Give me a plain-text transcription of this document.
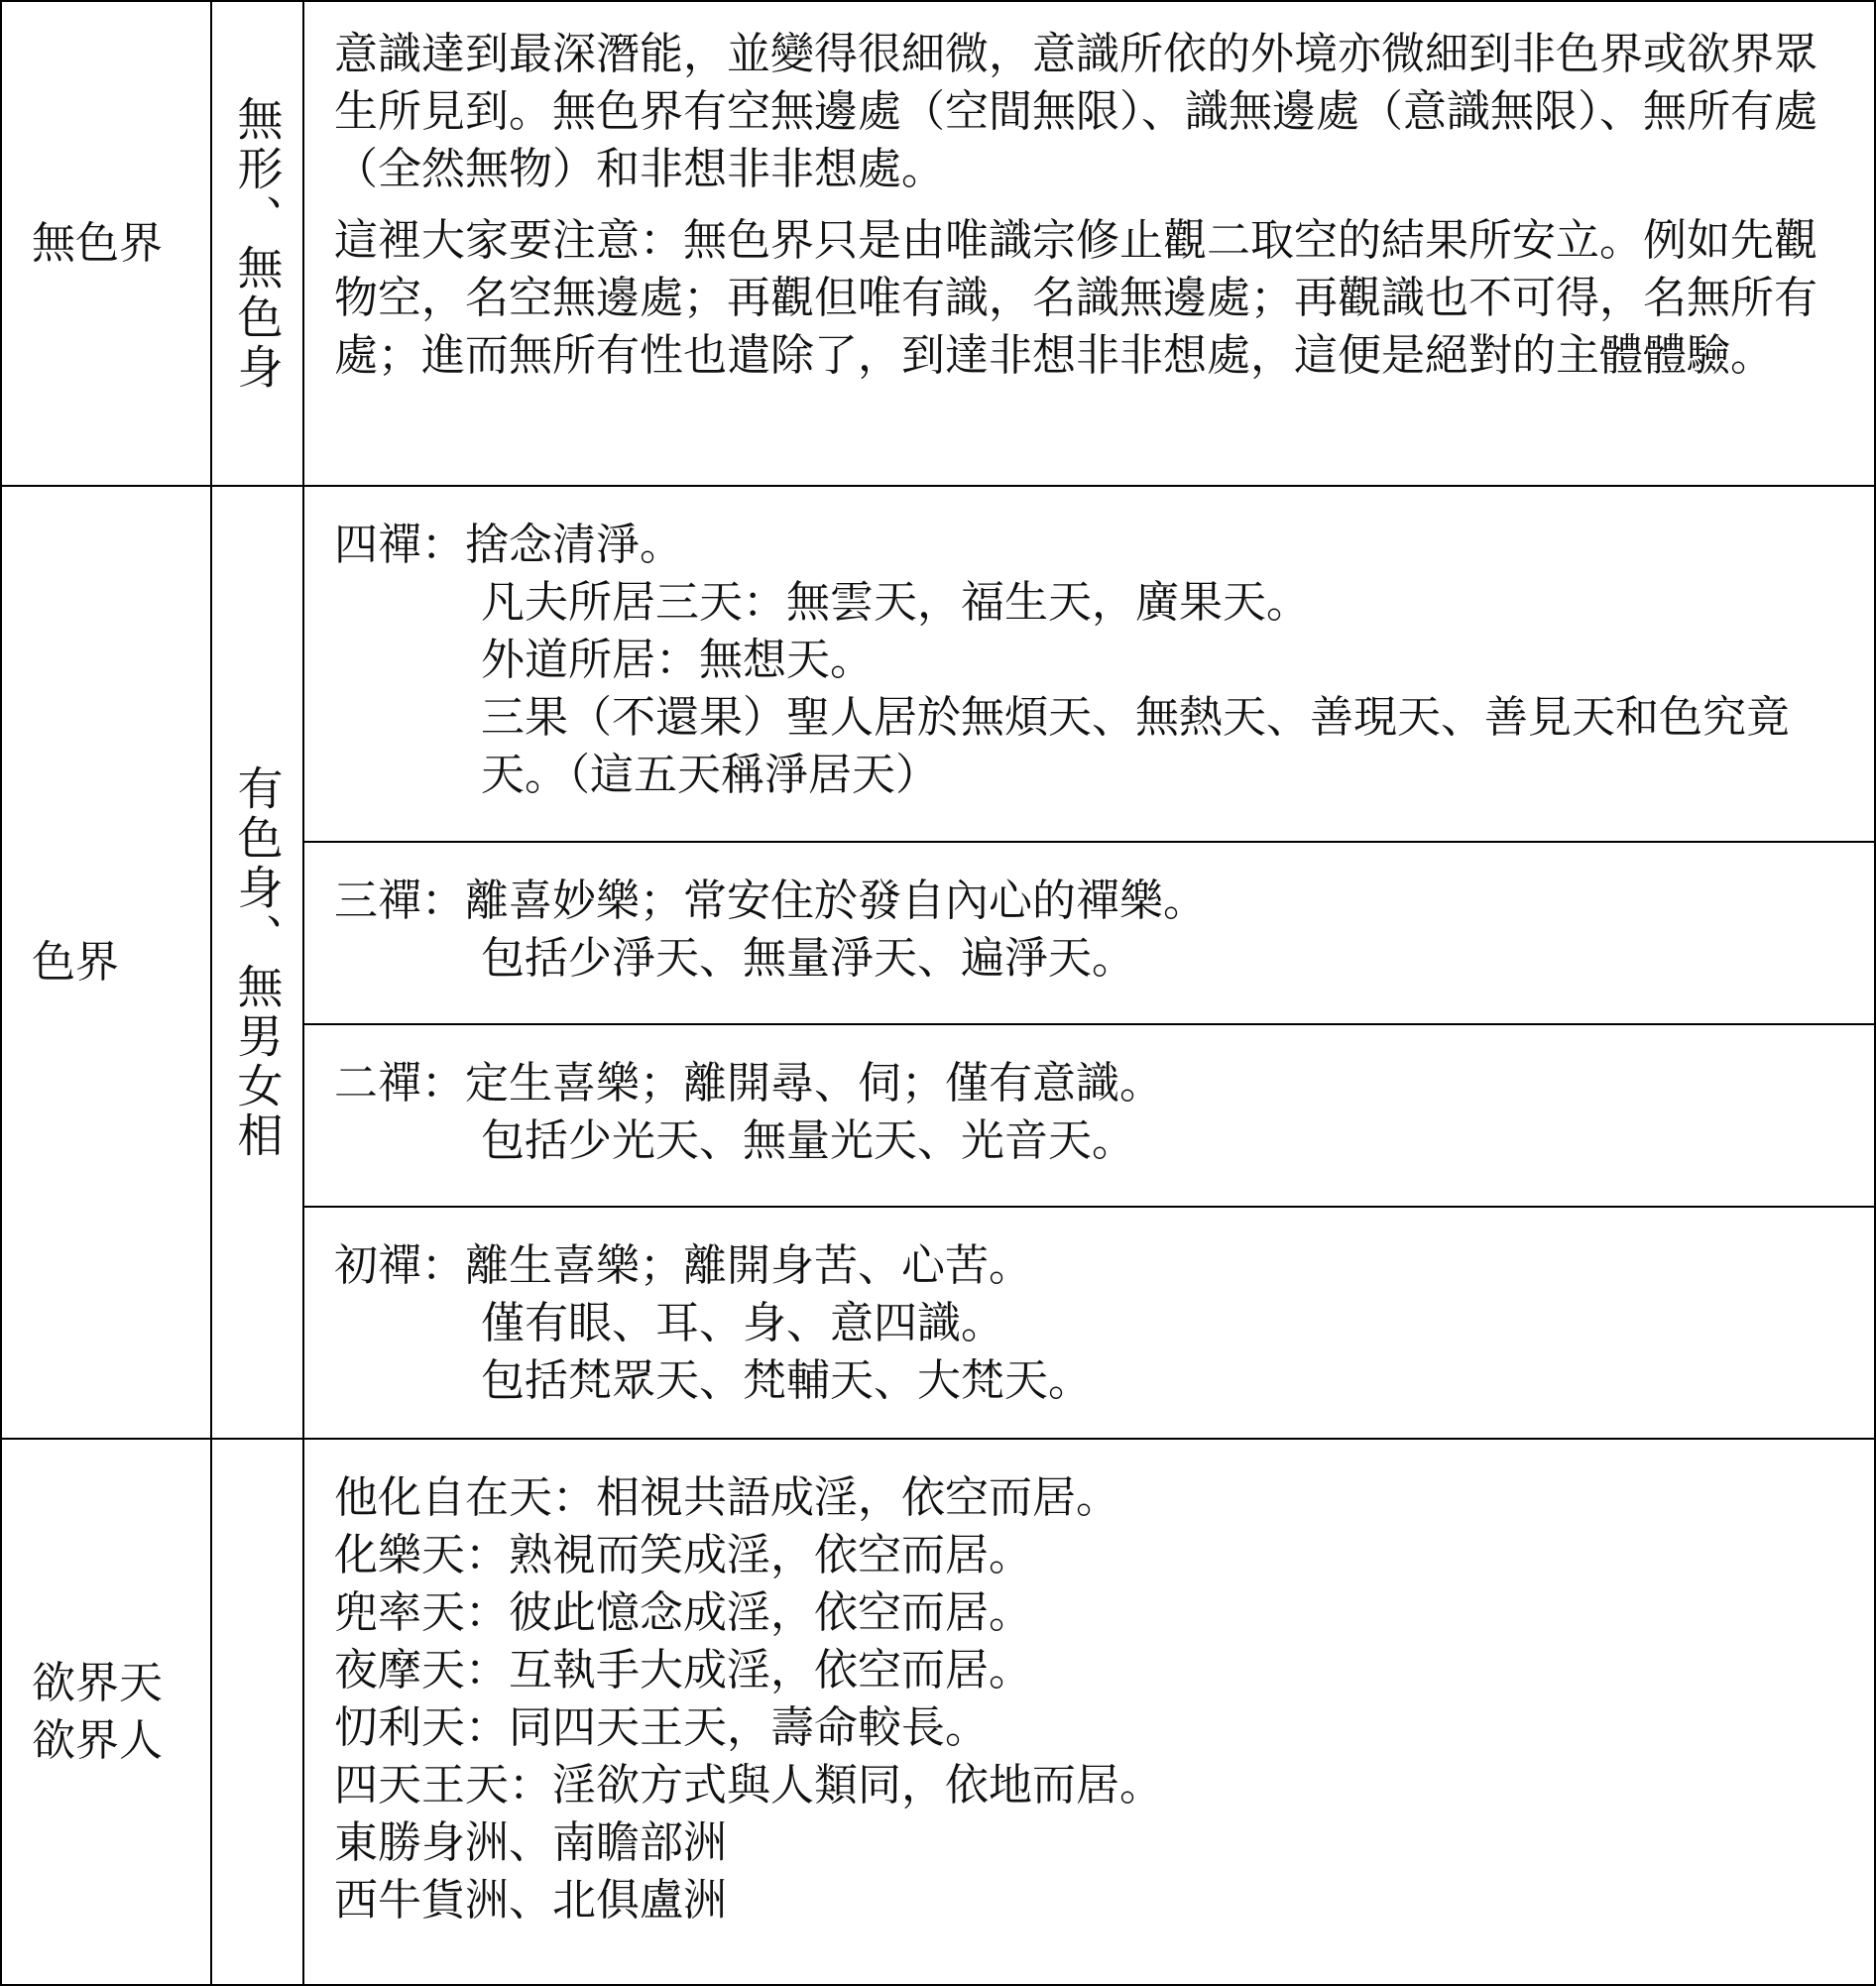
無色界 無形、無色身

意識達到最深潛能，並變得很細微，意識所依的外境亦微細到非色界或欲界眾生所見到。無色界有空無邊處（空間無限）、識無邊處（意識無限）、無所有處（全然無物）和非想非非想處。

這裡大家要注意：無色界只是由唯識宗修止觀二取空的結果所安立。例如先觀物空，名空無邊處；再觀但唯有識，名識無邊處；再觀識也不可得，名無所有處；進而無所有性也遣除了，到達非想非非想處，這便是絕對的主體體驗。

色界 有色身、無男女相

四禪：捨念清淨。

凡夫所居三天：無雲天，福生天，廣果天。

外道所居：無想天。

三果（不還果）聖人居於無煩天、無熱天、善現天、善見天和色究竟天。（這五天稱淨居天）

三禪：離喜妙樂；常安住於發自內心的禪樂。

包括少淨天、無量淨天、遍淨天。

二禪：定生喜樂；離開尋、伺；僅有意識。

包括少光天、無量光天、光音天。

初禪：離生喜樂；離開身苦、心苦。

僅有眼、耳、身、意四識。

包括梵眾天、梵輔天、大梵天。

欲界天
欲界人

他化自在天：相視共語成淫，依空而居。

化樂天：熟視而笑成淫，依空而居。

兜率天：彼此憶念成淫，依空而居。

夜摩天：互執手大成淫，依空而居。

忉利天：同四天王天，壽命較長。

四天王天：淫欲方式與人類同，依地而居。

東勝身洲、南瞻部洲

西牛貨洲、北俱盧洲
